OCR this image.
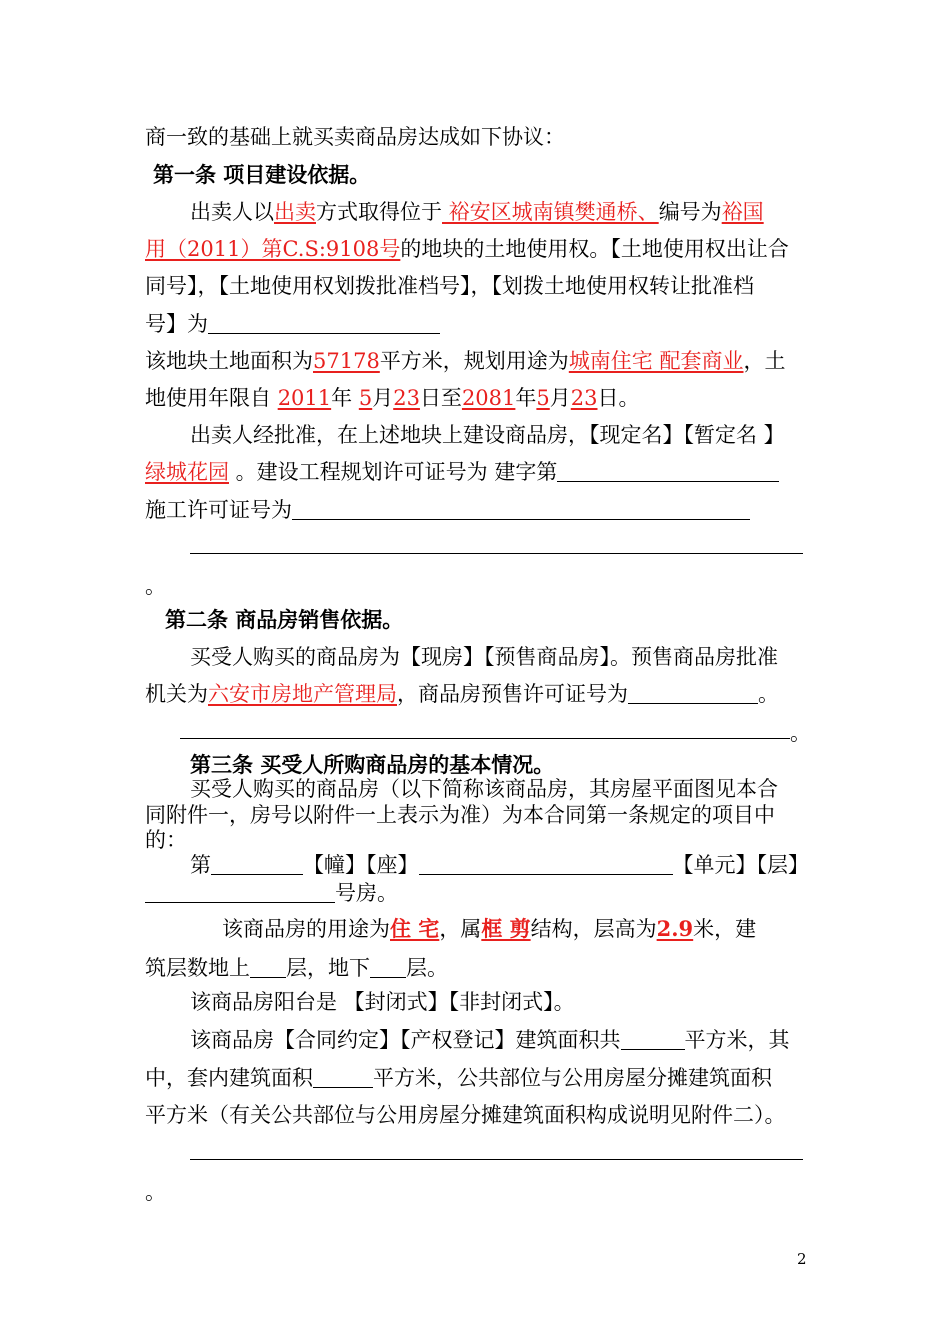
商一致的基础上就买卖商品房达成如下协议：
第一条 项目建设依据。
出卖人以出卖方式取得位于 裕安区城南镇樊通桥、编号为裕国
用（2011）第C.S:9108号的地块的土地使用权。【土地使用权出让合
同号】，【土地使用权划拨批准档号】，【划拨土地使用权转让批准档
号】为
该地块土地面积为57178平方米，规划用途为城南住宅 配套商业，土
地使用年限自 2011年 5月23日至2081年5月23日。
出卖人经批准，在上述地块上建设商品房，【现定名】【暂定名 】
绿城花园 。建设工程规划许可证号为 建字第
施工许可证号为
。
第二条 商品房销售依据。
买受人购买的商品房为【现房】【预售商品房】。预售商品房批准
机关为六安市房地产管理局，商品房预售许可证号为	。
。
第三条 买受人所购商品房的基本情况。
买受人购买的商品房（以下简称该商品房，其房屋平面图见本合
同附件一，房号以附件一上表示为准）为本合同第一条规定的项目中
的：
第	【幢】【座】	【单元】【层】
号房。
该商品房的用途为住 宅，属框 剪结构，层高为2.9米，建
筑层数地上 层，地下 层。
该商品房阳台是 【封闭式】【非封闭式】。
该商品房【合同约定】【产权登记】建筑面积共	平方米，其
中，套内建筑面积	平方米，公共部位与公用房屋分摊建筑面积
平方米（有关公共部位与公用房屋分摊建筑面积构成说明见附件二）。
。
2
